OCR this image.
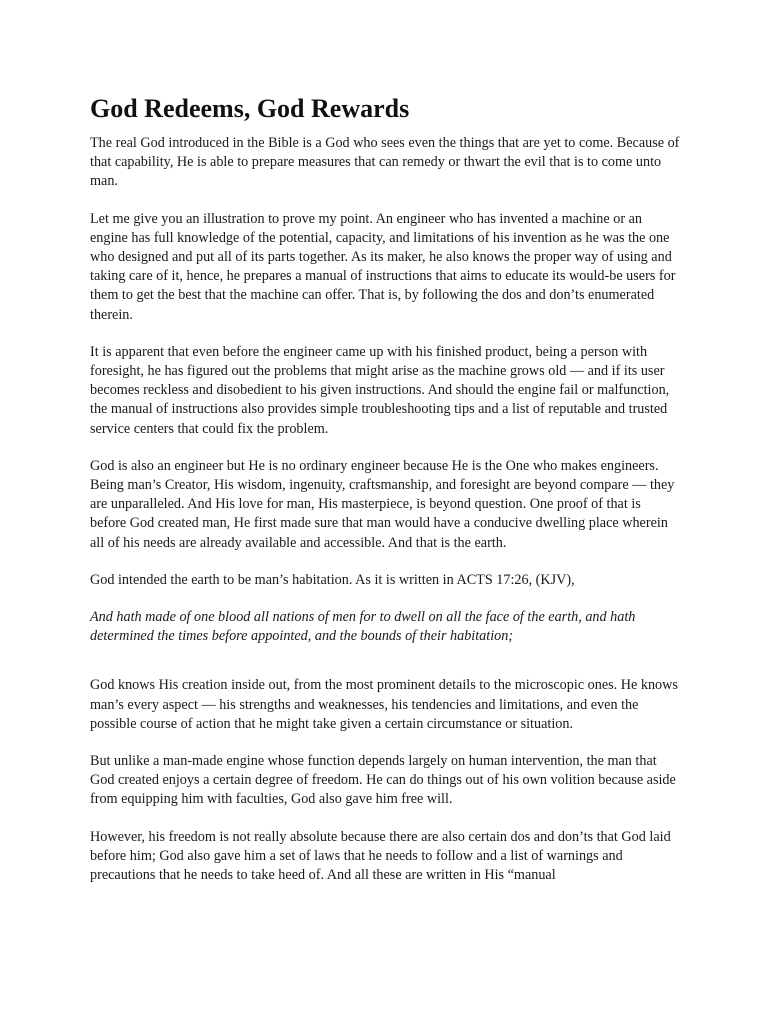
God Redeems, God Rewards

The real God introduced in the Bible is a God who sees even the things that are yet to come. Because of that capability, He is able to prepare measures that can remedy or thwart the evil that is to come unto man.

Let me give you an illustration to prove my point. An engineer who has invented a machine or an engine has full knowledge of the potential, capacity, and limitations of his invention as he was the one who designed and put all of its parts together. As its maker, he also knows the proper way of using and taking care of it, hence, he prepares a manual of instructions that aims to educate its would-be users for them to get the best that the machine can offer. That is, by following the dos and don’ts enumerated therein.

It is apparent that even before the engineer came up with his finished product, being a person with foresight, he has figured out the problems that might arise as the machine grows old — and if its user becomes reckless and disobedient to his given instructions. And should the engine fail or malfunction, the manual of instructions also provides simple troubleshooting tips and a list of reputable and trusted service centers that could fix the problem.

God is also an engineer but He is no ordinary engineer because He is the One who makes engineers. Being man’s Creator, His wisdom, ingenuity, craftsmanship, and foresight are beyond compare — they are unparalleled. And His love for man, His masterpiece, is beyond question. One proof of that is before God created man, He first made sure that man would have a conducive dwelling place wherein all of his needs are already available and accessible. And that is the earth.

God intended the earth to be man’s habitation. As it is written in ACTS 17:26, (KJV),

And hath made of one blood all nations of men for to dwell on all the face of the earth, and hath determined the times before appointed, and the bounds of their habitation;

God knows His creation inside out, from the most prominent details to the microscopic ones. He knows man’s every aspect — his strengths and weaknesses, his tendencies and limitations, and even the possible course of action that he might take given a certain circumstance or situation.

But unlike a man-made engine whose function depends largely on human intervention, the man that God created enjoys a certain degree of freedom. He can do things out of his own volition because aside from equipping him with faculties, God also gave him free will.

However, his freedom is not really absolute because there are also certain dos and don’ts that God laid before him; God also gave him a set of laws that he needs to follow and a list of warnings and precautions that he needs to take heed of. And all these are written in His “manual
